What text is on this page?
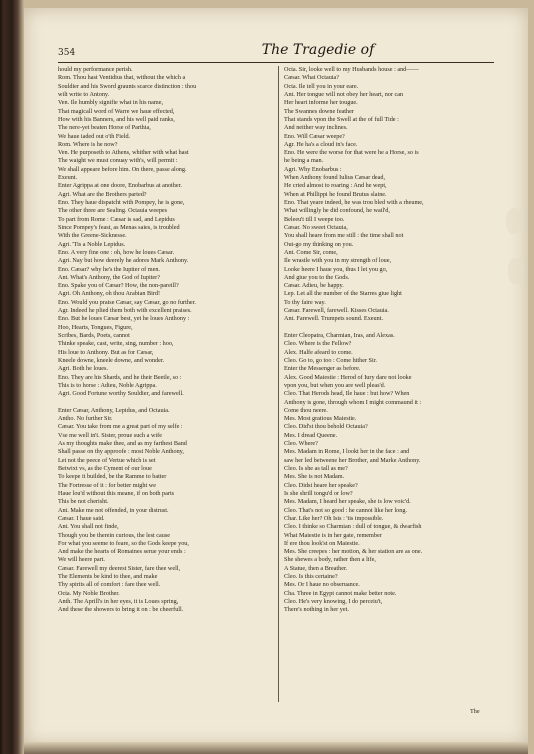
354	The Tragedie of
hould my performance perish.
Rom. Thou hast Ventidius that, without the which a
Souldier and his Sword graunts scarce distinction : thou
wilt write to Antony.
Ven. Ile humbly signifie what in his name,
That magicall word of Warre we haue effected,
How with his Banners, and his well paid ranks,
The nere-yet beaten Horse of Parthia,
We haue iaded out o'th Field.
Rom. Where is he now?
Ven. He purposeth to Athens, whither with what hast
The waight we must conuay with's, will permit :
We shall appeare before him. On there, passe along.
Exeunt.
Enter Agrippa at one doore, Enobarbus at another.
Agri. What are the Brothers parted?
Eno. They haue dispatcht with Pompey, he is gone,
The other three are Sealing. Octauia weepes
To part from Rome : Cæsar is sad, and Lepidus
Since Pompey's feast, as Menas saies, is troubled
With the Greene-Sicknesse.
Agri. 'Tis a Noble Lepidus.
Eno. A very fine one : oh, how he loues Cæsar.
Agri. Nay but how deerely he adores Mark Anthony.
Eno. Cæsar? why he's the Iupiter of men.
Ant. What's Anthony, the God of Iupiter?
Eno. Spake you of Cæsar? How, the non-pareill?
Agri. Oh Anthony, oh thou Arabian Bird!
Eno. Would you praise Cæsar, say Cæsar, go no further.
Agr. Indeed he plied them both with excellent praises.
Eno. But he loues Cæsar best, yet he loues Anthony :
Hoo, Hearts, Tongues, Figure,
Scribes, Bards, Poets, cannot
Thinke speake, cast, write, sing, number : hoo,
His loue to Anthony. But as for Cæsar,
Kneele downe, kneele downe, and wonder.
Agri. Both he loues.
Eno. They are his Shards, and he their Beetle, so :
This is to horse : Adieu, Noble Agrippa.
Agri. Good Fortune worthy Souldier, and farewell.
Enter Cæsar, Anthony, Lepidus, and Octauia.
Antho. No further Sir.
Cæsar. You take from me a great part of my selfe :
Vse me well in't. Sister, proue such a wife
As my thoughts make thee, and as my farthest Band
Shall passe on thy approofe : most Noble Anthony,
Let not the peece of Vertue which is set
Betwixt vs, as the Cyment of our loue
To keepe it builded, be the Ramme to batter
The Fortresse of it : for better might we
Haue lou'd without this meane, if on both parts
This be not cherisht.
Ant. Make me not offended, in your distrust.
Cæsar. I haue said.
Ant. You shall not finde,
Though you be therein curious, the lest cause
For what you seeme to feare, so the Gods keepe you,
And make the hearts of Romaines serue your ends :
We will heere part.
Cæsar. Farewell my deerest Sister, fare thee well,
The Elements be kind to thee, and make
Thy spirits all of comfort : fare thee well.
Octa. My Noble Brother.
Anth. The Aprill's in her eyes, it is Loues spring,
And these the showers to bring it on : be cheerfull.
Octa. Sir, looke well to my Husbands house : and——
Cæsar. What Octauia?
Octa. Ile tell you in your eare.
Ant. Her tongue will not obey her heart, nor can
Her heart informe her tougue.
The Swannes downe feather
That stands vpon the Swell at the of full Tide :
And neither way inclines.
Eno. Will Cæsar weepe?
Agr. He ha's a cloud in's face.
Eno. He were the worse for that were he a Horse, so is
he being a man.
Agri. Why Enobarbus :
When Anthony found Iulius Cæsar dead,
He cried almost to roaring : And he wept,
When at Phillippi he found Brutus slaine.
Eno. That yeare indeed, he was trou bled with a rheume,
What willingly he did confound, he wail'd,
Beleeu't till I weepe too.
Cæsar. No sweet Octauia,
You shall heare from me still : the time shall not
Out-go my thinking on you.
Ant. Come Sir, come,
Ile wrastle with you in my strength of loue,
Looke heere I haue you, thus I let you go,
And giue you to the Gods.
Cæsar. Adieu, be happy.
Lep. Let all the number of the Starres giue light
To thy faire way.
Cæsar. Farewell, farewell. Kisses Octauia.
Ant. Farewell. Trumpets sound. Exeunt.
Enter Cleopatra, Charmian, Iras, and Alexas.
Cleo. Where is the Fellow?
Alex. Halfe afeard to come.
Cleo. Go to, go too : Come hither Sir.
Enter the Messenger as before.
Alex. Good Maiestie : Herod of Iury dare not looke
vpon you, but when you are well pleas'd.
Cleo. That Herods head, Ile haue : but how? When
Anthony is gone, through whom I might commaund it :
Come thou neere.
Mes. Most gratious Maiestie.
Cleo. Did'st thou behold Octauia?
Mes. I dread Queene.
Cleo. Where?
Mes. Madam in Rome, I lookt her in the face : and
saw her led betweene her Brother, and Marke Anthony.
Cleo. Is she as tall as me?
Mes. She is not Madam.
Cleo. Didst heare her speake?
Is she shrill tongu'd or low?
Mes. Madam, I heard her speake, she is low voic'd.
Cleo. That's not so good : he cannot like her long.
Char. Like her? Oh Isis : 'tis impossible.
Cleo. I thinke so Charmian : dull of tongue, & dwarfish
What Maiestie is in her gate, remember
If ere thou look'st on Maiestie.
Mes. She creepes : her motion, & her station are as one.
She shewes a body, rather then a life,
A Statue, then a Breather.
Cleo. Is this certaine?
Mes. Or I haue no obseruance.
Cha. Three in Egypt cannot make better note.
Cleo. He's very knowing, I do perceiu't,
There's nothing in her yet.
The
